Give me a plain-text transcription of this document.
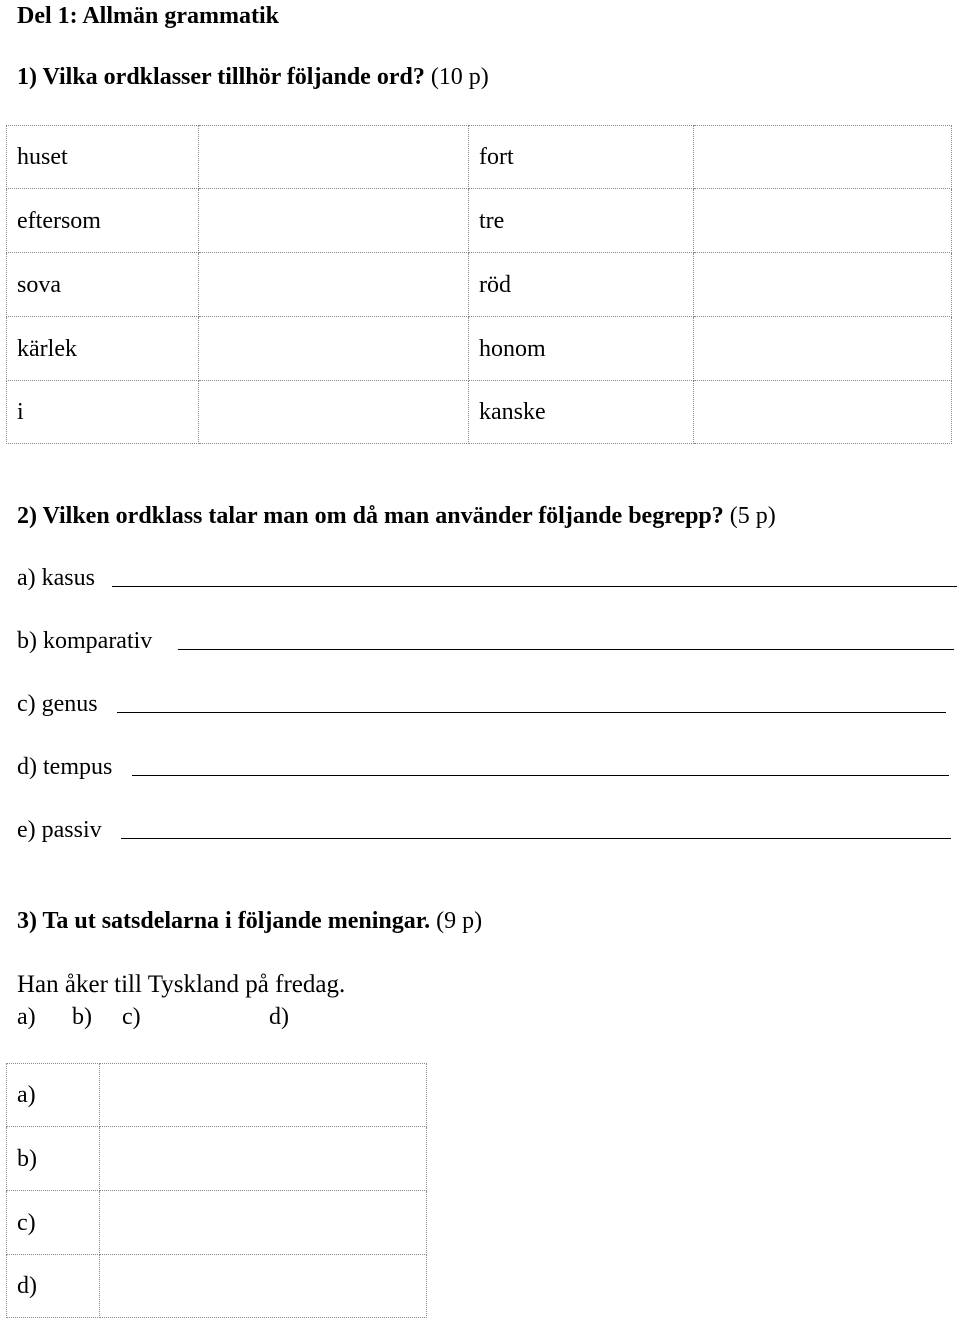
Del 1: Allmän grammatik
1) Vilka ordklasser tillhör följande ord? (10 p)
huset		fort	
eftersom		tre	
sova		röd	
kärlek		honom	
i		kanske	
2) Vilken ordklass talar man om då man använder följande begrepp? (5 p)
a) kasus
b) komparativ
c) genus
d) tempus
e) passiv
3) Ta ut satsdelarna i följande meningar. (9 p)
Han åker till Tyskland på fredag.
a) b) c)	d)
a)	
b)	
c)	
d)	
